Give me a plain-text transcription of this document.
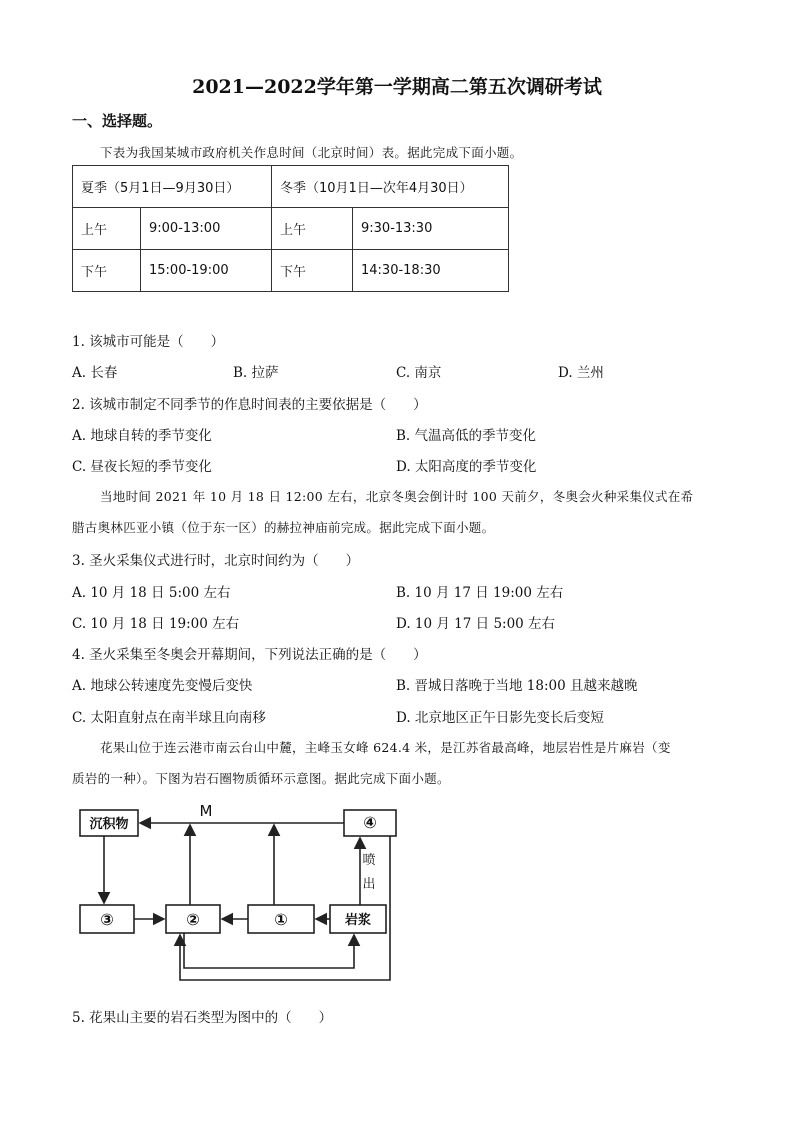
2021—2022学年第一学期高二第五次调研考试
一、选择题。
下表为我国某城市政府机关作息时间（北京时间）表。据此完成下面小题。
夏季（5月1日—9月30日）		冬季（10月1日—次年4月30日）	
上午	9:00-13:00	上午	9:30-13:30
下午	15:00-19:00	下午	14:30-18:30
1. 该城市可能是（　　）
A. 长春	B. 拉萨	C. 南京	D. 兰州
2. 该城市制定不同季节的作息时间表的主要依据是（　　）
A. 地球自转的季节变化	B. 气温高低的季节变化
C. 昼夜长短的季节变化	D. 太阳高度的季节变化
当地时间 2021 年 10 月 18 日 12:00 左右，北京冬奥会倒计时 100 天前夕，冬奥会火种采集仪式在希
腊古奥林匹亚小镇（位于东一区）的赫拉神庙前完成。据此完成下面小题。
3. 圣火采集仪式进行时，北京时间约为（　　）
A. 10 月 18 日 5:00 左右	B. 10 月 17 日 19:00 左右
C. 10 月 18 日 19:00 左右	D. 10 月 17 日 5:00 左右
4. 圣火采集至冬奥会开幕期间，下列说法正确的是（　　）
A. 地球公转速度先变慢后变快	B. 晋城日落晚于当地 18:00 且越来越晚
C. 太阳直射点在南半球且向南移	D. 北京地区正午日影先变长后变短
花果山位于连云港市南云台山中麓，主峰玉女峰 624.4 米，是江苏省最高峰，地层岩性是片麻岩（变
质岩的一种）。下图为岩石圈物质循环示意图。据此完成下面小题。
沉积物
M
④
③	②	①	岩浆
喷
出
5. 花果山主要的岩石类型为图中的（　　）
